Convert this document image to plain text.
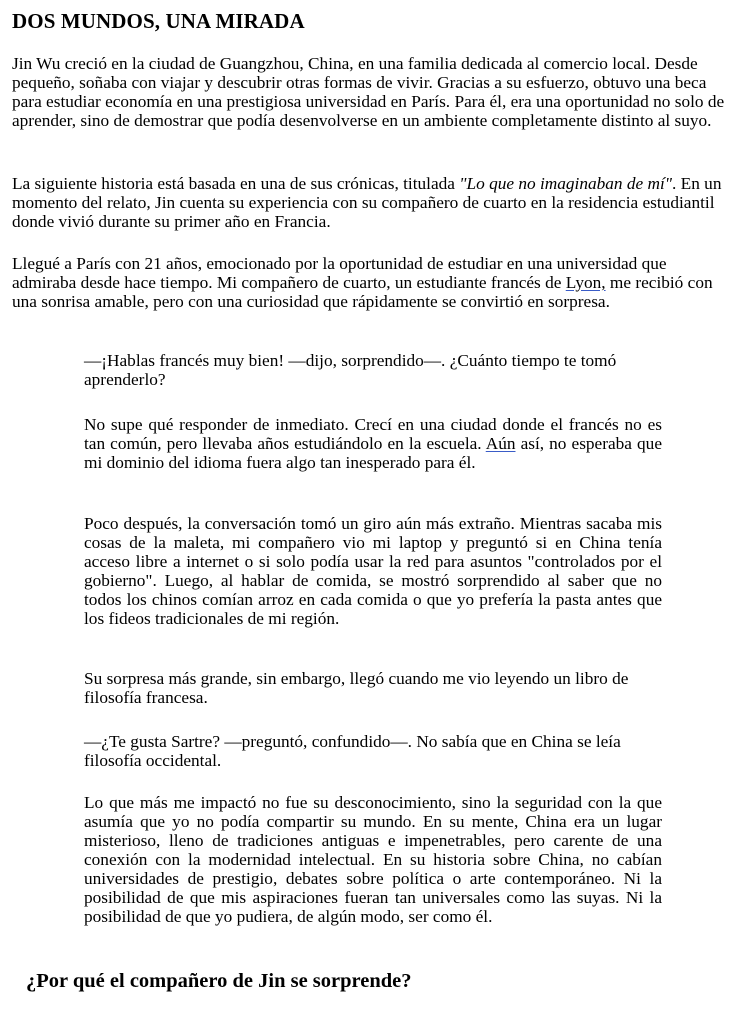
DOS MUNDOS, UNA MIRADA

Jin Wu creció en la ciudad de Guangzhou, China, en una familia dedicada al comercio local. Desde pequeño, soñaba con viajar y descubrir otras formas de vivir. Gracias a su esfuerzo, obtuvo una beca para estudiar economía en una prestigiosa universidad en París. Para él, era una oportunidad no solo de aprender, sino de demostrar que podía desenvolverse en un ambiente completamente distinto al suyo.

La siguiente historia está basada en una de sus crónicas, titulada "Lo que no imaginaban de mí". En un momento del relato, Jin cuenta su experiencia con su compañero de cuarto en la residencia estudiantil donde vivió durante su primer año en Francia.

Llegué a París con 21 años, emocionado por la oportunidad de estudiar en una universidad que admiraba desde hace tiempo. Mi compañero de cuarto, un estudiante francés de Lyon, me recibió con una sonrisa amable, pero con una curiosidad que rápidamente se convirtió en sorpresa.

—¡Hablas francés muy bien! —dijo, sorprendido—. ¿Cuánto tiempo te tomó aprenderlo?

No supe qué responder de inmediato. Crecí en una ciudad donde el francés no es tan común, pero llevaba años estudiándolo en la escuela. Aún así, no esperaba que mi dominio del idioma fuera algo tan inesperado para él.

Poco después, la conversación tomó un giro aún más extraño. Mientras sacaba mis cosas de la maleta, mi compañero vio mi laptop y preguntó si en China tenía acceso libre a internet o si solo podía usar la red para asuntos "controlados por el gobierno". Luego, al hablar de comida, se mostró sorprendido al saber que no todos los chinos comían arroz en cada comida o que yo prefería la pasta antes que los fideos tradicionales de mi región.

Su sorpresa más grande, sin embargo, llegó cuando me vio leyendo un libro de filosofía francesa.

—¿Te gusta Sartre? —preguntó, confundido—. No sabía que en China se leía filosofía occidental.

Lo que más me impactó no fue su desconocimiento, sino la seguridad con la que asumía que yo no podía compartir su mundo. En su mente, China era un lugar misterioso, lleno de tradiciones antiguas e impenetrables, pero carente de una conexión con la modernidad intelectual. En su historia sobre China, no cabían universidades de prestigio, debates sobre política o arte contemporáneo. Ni la posibilidad de que mis aspiraciones fueran tan universales como las suyas. Ni la posibilidad de que yo pudiera, de algún modo, ser como él.

¿Por qué el compañero de Jin se sorprende?
